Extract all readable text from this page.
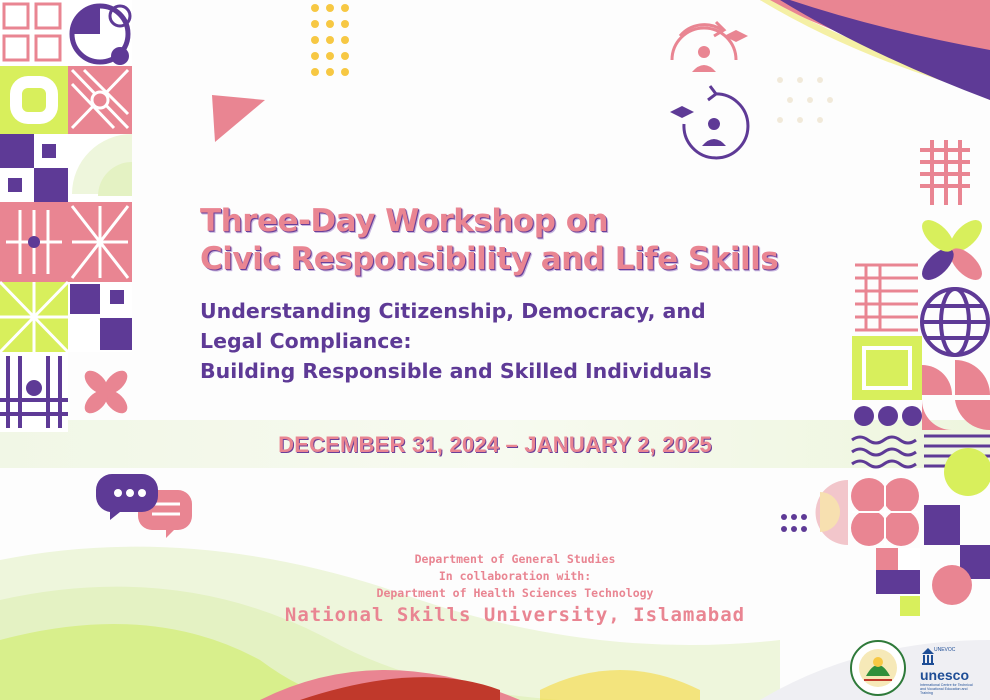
Three-Day Workshop on
Civic Responsibility and Life Skills
Understanding Citizenship, Democracy, and
Legal Compliance:
Building Responsible and Skilled Individuals
DECEMBER 31, 2024 – JANUARY 2, 2025
Department of General Studies
In collaboration with:
Department of Health Sciences Technology
National Skills University, Islamabad
UNEVOC
unesco
International Centre for Technical and Vocational Education and Training
